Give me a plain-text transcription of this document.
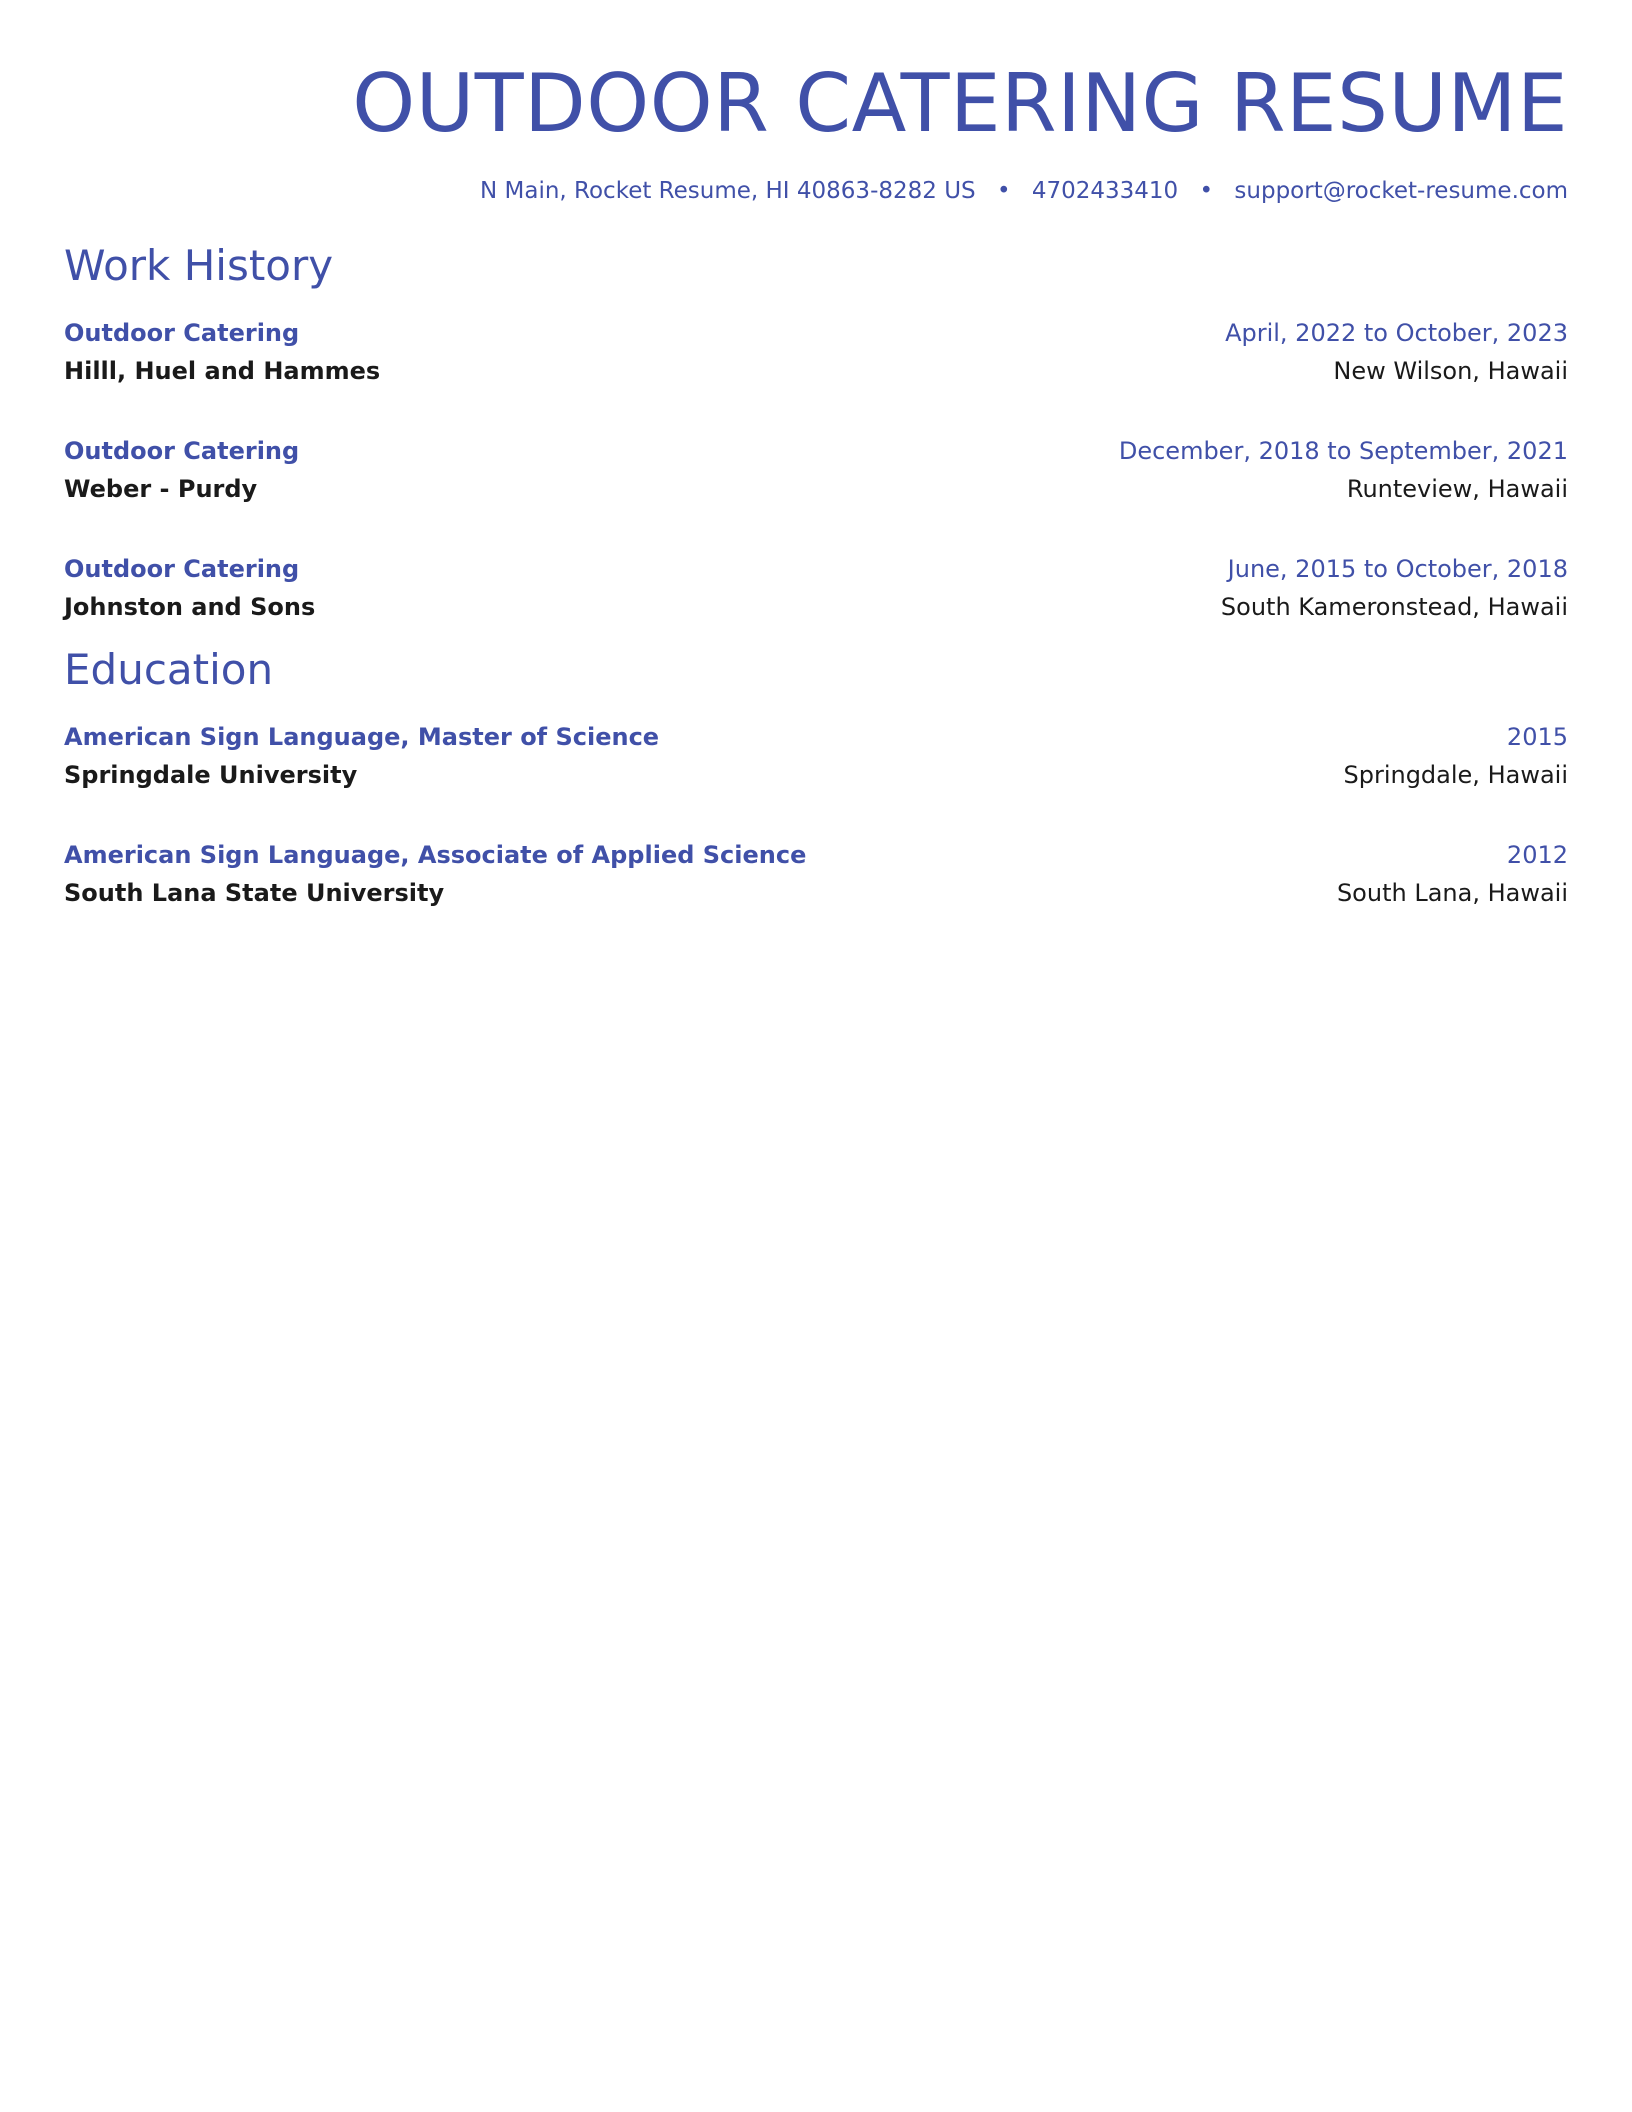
OUTDOOR CATERING RESUME
N Main, Rocket Resume, HI 40863-8282 US • 4702433410 • support@rocket-resume.com
Work History
Outdoor Catering	April, 2022 to October, 2023
Hilll, Huel and Hammes	New Wilson, Hawaii
Outdoor Catering	December, 2018 to September, 2021
Weber - Purdy	Runteview, Hawaii
Outdoor Catering	June, 2015 to October, 2018
Johnston and Sons	South Kameronstead, Hawaii
Education
American Sign Language, Master of Science	2015
Springdale University	Springdale, Hawaii
American Sign Language, Associate of Applied Science	2012
South Lana State University	South Lana, Hawaii
